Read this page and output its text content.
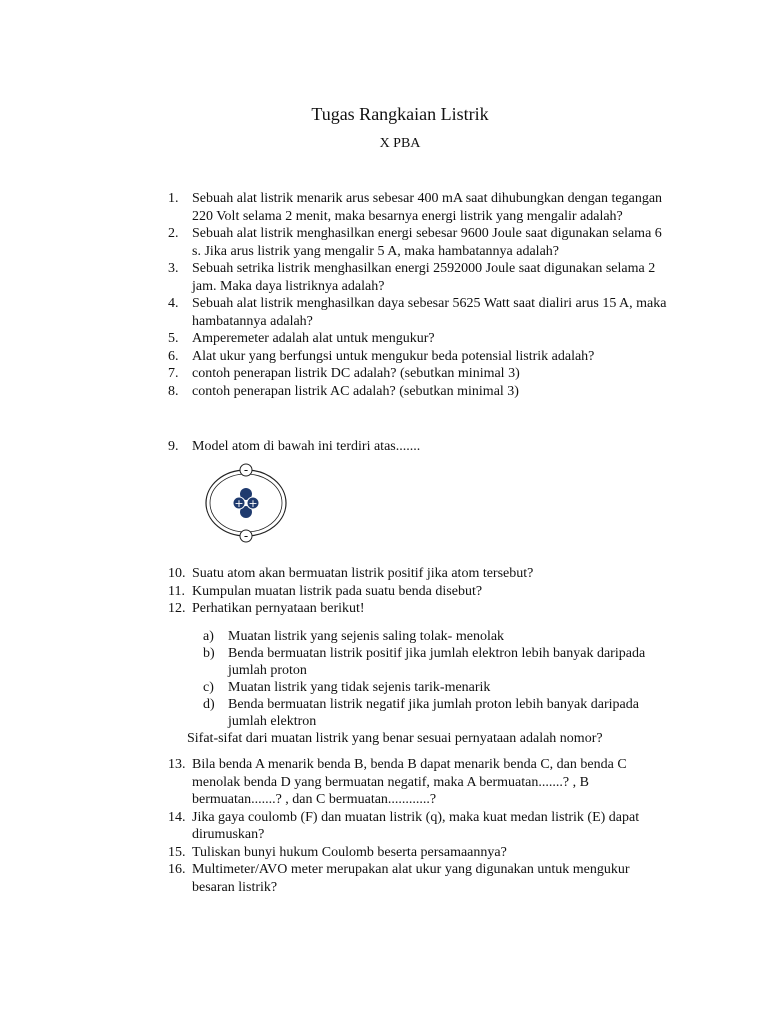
Tugas Rangkaian Listrik
X PBA
1. Sebuah alat listrik menarik arus sebesar 400 mA saat dihubungkan dengan tegangan 220 Volt selama 2 menit, maka besarnya energi listrik yang mengalir adalah?
2. Sebuah alat listrik menghasilkan energi sebesar 9600 Joule saat digunakan selama 6 s. Jika arus listrik yang mengalir 5 A, maka hambatannya adalah?
3. Sebuah setrika listrik menghasilkan energi 2592000 Joule saat digunakan selama 2 jam. Maka daya listriknya adalah?
4. Sebuah alat listrik menghasilkan daya sebesar 5625 Watt saat dialiri arus 15 A, maka hambatannya adalah?
5. Amperemeter adalah alat untuk mengukur?
6. Alat ukur yang berfungsi untuk mengukur beda potensial listrik adalah?
7. contoh penerapan listrik DC adalah? (sebutkan minimal 3)
8. contoh penerapan listrik AC adalah? (sebutkan minimal 3)
9. Model atom di bawah ini terdiri atas.......
+ +
-
-
10. Suatu atom akan bermuatan listrik positif jika atom tersebut?
11. Kumpulan muatan listrik pada suatu benda disebut?
12. Perhatikan pernyataan berikut!
a) Muatan listrik yang sejenis saling tolak- menolak
b) Benda bermuatan listrik positif jika jumlah elektron lebih banyak daripada jumlah proton
c) Muatan listrik yang tidak sejenis tarik-menarik
d) Benda bermuatan listrik negatif jika jumlah proton lebih banyak daripada jumlah elektron
Sifat-sifat dari muatan listrik yang benar sesuai pernyataan adalah nomor?
13. Bila benda A menarik benda B, benda B dapat menarik benda C, dan benda C menolak benda D yang bermuatan negatif, maka A bermuatan.......? , B bermuatan.......? , dan C bermuatan............?
14. Jika gaya coulomb (F) dan muatan listrik (q), maka kuat medan listrik (E) dapat dirumuskan?
15. Tuliskan bunyi hukum Coulomb beserta persamaannya?
16. Multimeter/AVO meter merupakan alat ukur yang digunakan untuk mengukur besaran listrik?
